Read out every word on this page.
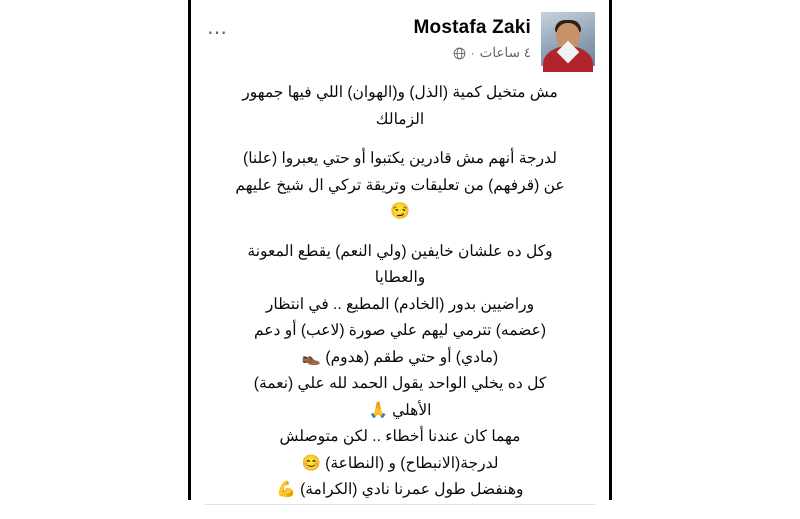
⋯	Mostafa Zaki
٤ ساعات
·
مش متخيل كمية (الذل) و(الهوان) اللي فيها جمهور
الزمالك
لدرجة أنهم مش قادرين يكتبوا أو حتي يعبروا (علنا)
عن (قرفهم) من تعليقات وتريقة تركي ال شيخ عليهم
😏
وكل ده علشان خايفين (ولي النعم) يقطع المعونة
والعطايا
وراضيين بدور (الخادم) المطيع .. في انتظار
(عضمه) تترمي ليهم علي صورة (لاعب) أو دعم
(مادي) أو حتي طقم (هدوم) 👞
كل ده يخلي الواحد يقول الحمد لله علي (نعمة)
الأهلي 🙏
مهما كان عندنا أخطاء .. لكن متوصلش
لدرجة(الانبطاح) و (النطاعة) 😊
وهنفضل طول عمرنا نادي (الكرامة) 💪
